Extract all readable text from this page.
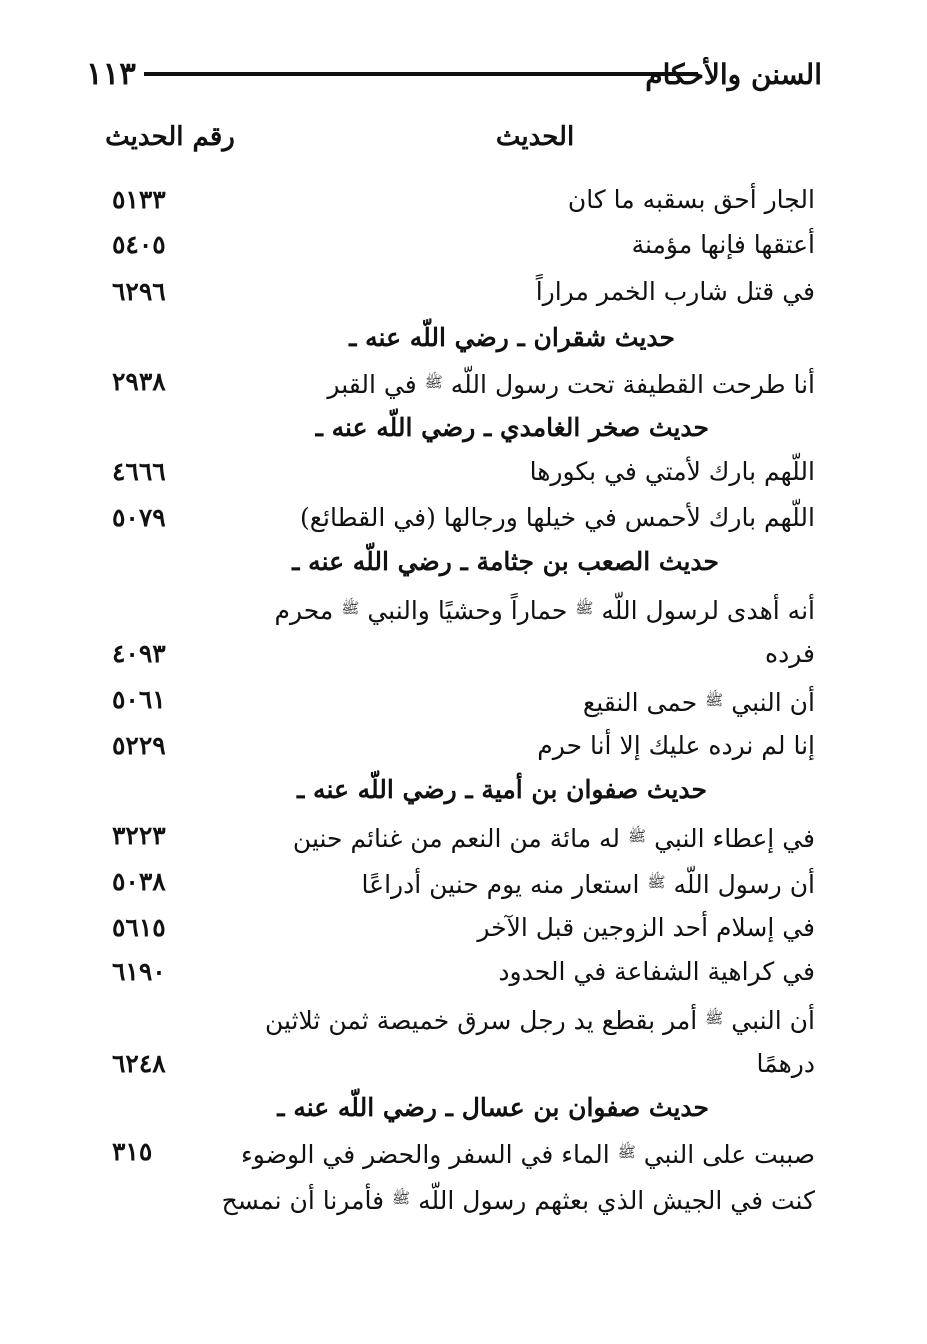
١١٣	السنن والأحكام
الحديث
رقم الحديث
الجار أحق بسقبه ما كان
٥١٣٣
أعتقها فإنها مؤمنة
٥٤٠٥
في قتل شارب الخمر مراراً
٦٢٩٦
حديث شقران ـ رضي اللّه عنه ـ
أنا طرحت القطيفة تحت رسول اللّه $^ﷺ$ في القبر
٢٩٣٨
حديث صخر الغامدي ـ رضي اللّه عنه ـ
اللّهم بارك لأمتي في بكورها
٤٦٦٦
اللّهم بارك لأحمس في خيلها ورجالها (في القطائع)
٥٠٧٩
حديث الصعب بن جثامة ـ رضي اللّه عنه ـ
أنه أهدى لرسول اللّه $^ﷺ$ حماراً وحشيًا والنبي $^ﷺ$ محرم
فرده
٤٠٩٣
أن النبي $^ﷺ$ حمى النقيع
٥٠٦١
إنا لم نرده عليك إلا أنا حرم
٥٢٢٩
حديث صفوان بن أمية ـ رضي اللّه عنه ـ
في إعطاء النبي $^ﷺ$ له مائة من النعم من غنائم حنين
٣٢٢٣
أن رسول اللّه $^ﷺ$ استعار منه يوم حنين أدراعًا
٥٠٣٨
في إسلام أحد الزوجين قبل الآخر
٥٦١٥
في كراهية الشفاعة في الحدود
٦١٩٠
أن النبي $^ﷺ$ أمر بقطع يد رجل سرق خميصة ثمن ثلاثين
درهمًا
٦٢٤٨
حديث صفوان بن عسال ـ رضي اللّه عنه ـ
صببت على النبي $^ﷺ$ الماء في السفر والحضر في الوضوء
٣١٥
كنت في الجيش الذي بعثهم رسول اللّه $^ﷺ$ فأمرنا أن نمسح
